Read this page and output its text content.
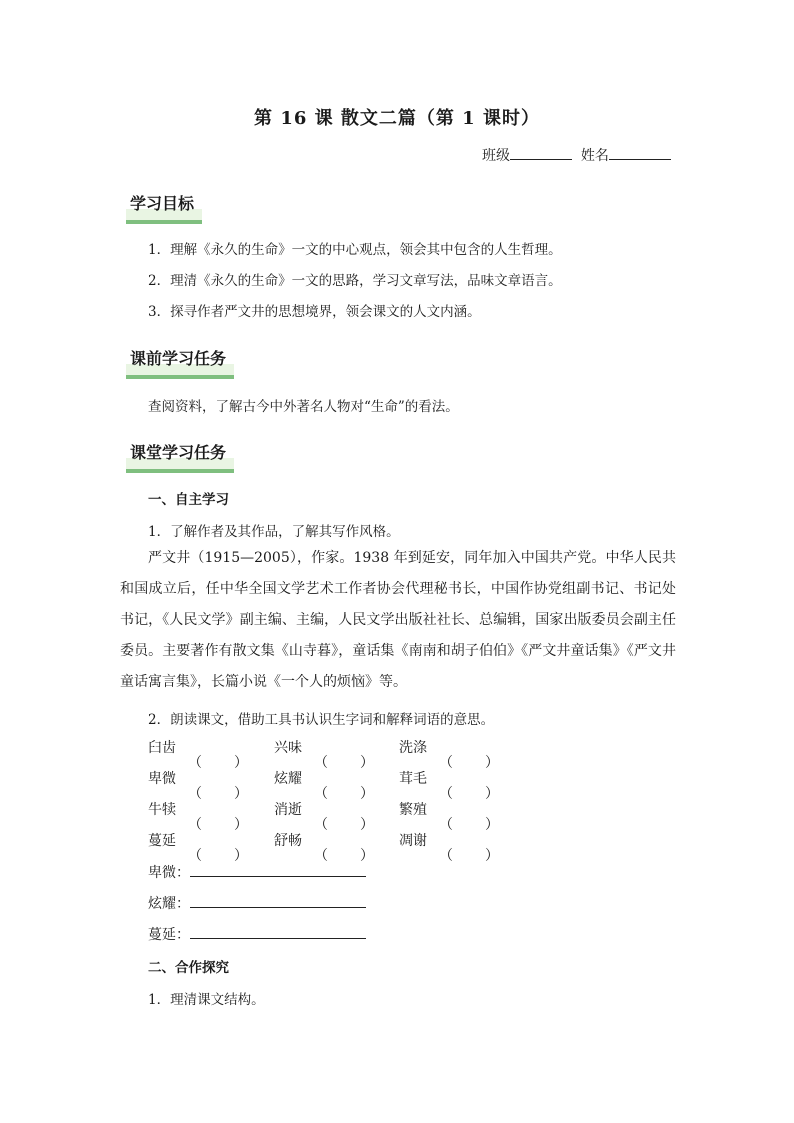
第 16 课 散文二篇（第 1 课时）
班级	姓名
学习目标
1．理解《永久的生命》一文的中心观点，领会其中包含的人生哲理。
2．理清《永久的生命》一文的思路，学习文章写法，品味文章语言。
3．探寻作者严文井的思想境界，领会课文的人文内涵。
课前学习任务
查阅资料，了解古今中外著名人物对“生命”的看法。
课堂学习任务
一、自主学习
1．了解作者及其作品，了解其写作风格。

严文井（1915—2005），作家。1938 年到延安，同年加入中国共产党。中华人民共和国成立后，任中华全国文学艺术工作者协会代理秘书长，中国作协党组副书记、书记处书记，《人民文学》副主编、主编，人民文学出版社社长、总编辑，国家出版委员会副主任委员。主要著作有散文集《山寺暮》，童话集《南南和胡子伯伯》《严文井童话集》《严文井童话寓言集》，长篇小说《一个人的烦恼》等。

2．朗读课文，借助工具书认识生字词和解释词语的意思。
臼齿
（ ）
兴味
（ ）
洗涤
（ ）
卑微
（ ）
炫耀
（ ）
茸毛
（ ）
牛犊
（ ）
消逝
（ ）
繁殖
（ ）
蔓延
（ ）
舒畅
（ ）
凋谢
（ ）
卑微：
炫耀：
蔓延：
二、合作探究
1．理清课文结构。
